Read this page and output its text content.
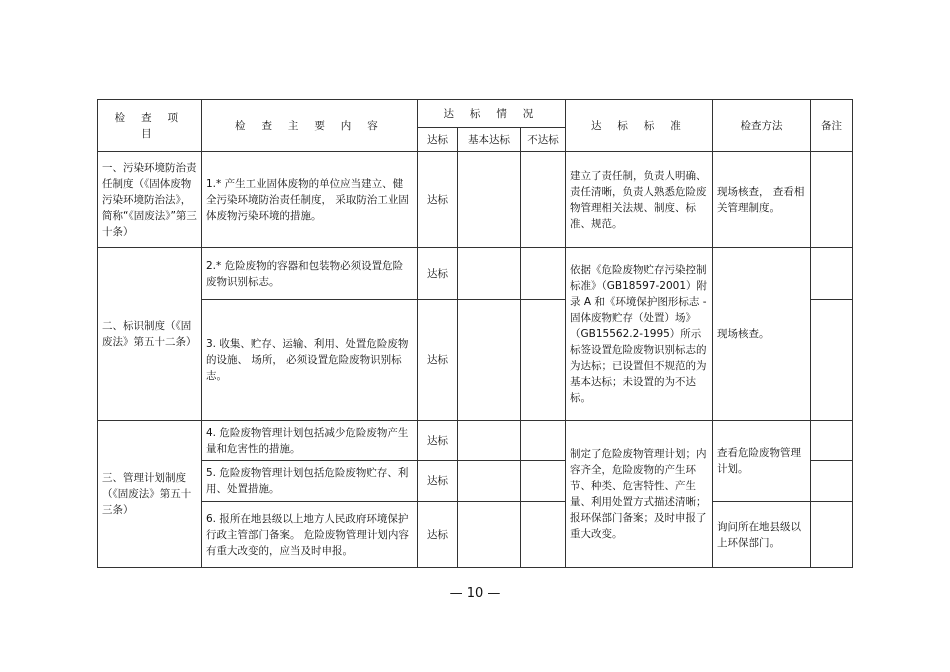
检 查 项 目	检 查 主 要 内 容	达 标 情 况			达 标 标 准	检查方法	备注
		达标	基本达标	不达标			
一、污染环境防治责任制度（《固体废物污染环境防治法》，简称“《固废法》”第三十条）	1.* 产生工业固体废物的单位应当建立、健全污染环境防治责任制度， 采取防治工业固体废物污染环境的措施。	达标			建立了责任制，负责人明确、责任清晰，负责人熟悉危险废物管理相关法规、制度、标准、规范。	现场核查， 查看相关管理制度。	
二、标识制度（《固废法》第五十二条）	2.* 危险废物的容器和包装物必须设置危险废物识别标志。	达标			依据《危险废物贮存污染控制标准》（GB18597-2001）附录 A 和《环境保护图形标志 - 固体废物贮存（处置）场》（GB15562.2-1995）所示标签设置危险废物识别标志的为达标；已设置但不规范的为基本达标；未设置的为不达标。	现场核查。	
	3. 收集、贮存、运输、利用、处置危险废物的设施、 场所， 必须设置危险废物识别标志。	达标					
三、管理计划制度（《固废法》第五十三条）	4. 危险废物管理计划包括减少危险废物产生量和危害性的措施。	达标			制定了危险废物管理计划；内容齐全，危险废物的产生环节、种类、危害特性、产生量、利用处置方式描述清晰；报环保部门备案；及时申报了重大改变。	查看危险废物管理计划。	
	5. 危险废物管理计划包括危险废物贮存、利用、处置措施。	达标					
	6. 报所在地县级以上地方人民政府环境保护行政主管部门备案。 危险废物管理计划内容有重大改变的，应当及时申报。	达标				询问所在地县级以上环保部门。	
— 10 —
